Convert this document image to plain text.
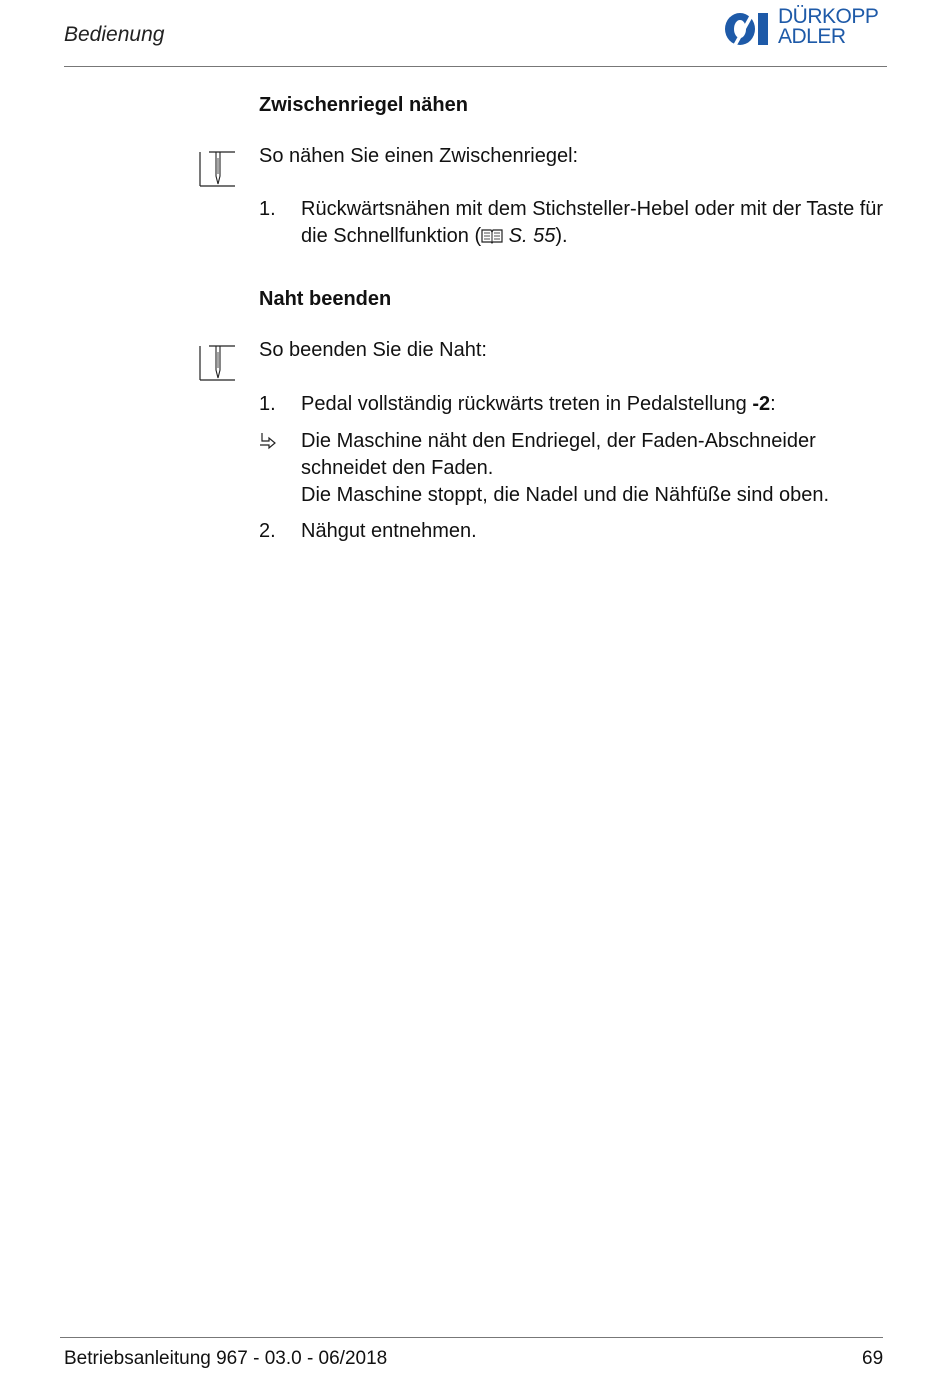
Bedienung
DÜRKOPP
ADLER
Zwischenriegel nähen
So nähen Sie einen Zwischenriegel:
1. Rückwärtsnähen mit dem Stichsteller-Hebel oder mit der Taste für die Schnellfunktion ( S. 55).
Naht beenden
So beenden Sie die Naht:
1. Pedal vollständig rückwärts treten in Pedalstellung -2:
Die Maschine näht den Endriegel, der Faden-Abschneider schneidet den Faden.
Die Maschine stoppt, die Nadel und die Nähfüße sind oben.
2. Nähgut entnehmen.
Betriebsanleitung 967 - 03.0 - 06/2018	69
